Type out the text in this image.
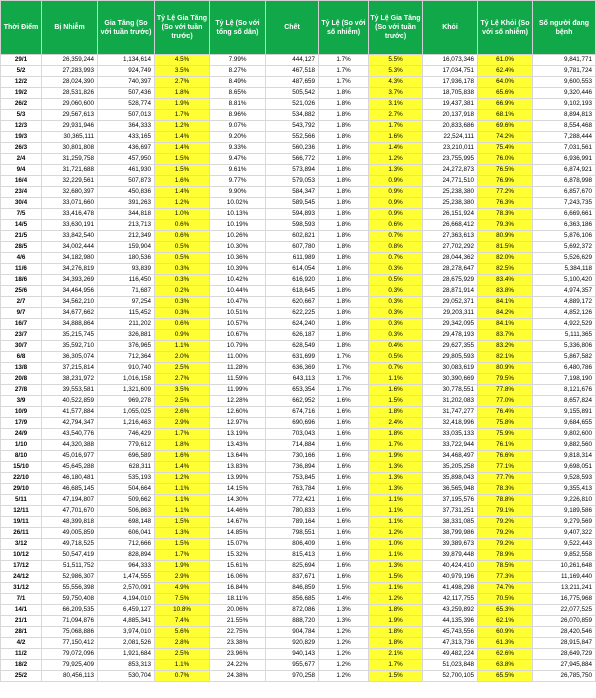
Thời Điểm	Bị Nhiễm	Gia Tăng (So với tuần trước)	Tỷ Lệ Gia Tăng (So với tuần trước)	Tỷ Lệ (So với tổng số dân)	Chết	Tỷ Lệ (So với số nhiễm)	Tỷ Lệ Gia Tăng (So với tuần trước)	Khỏi	Tỷ Lệ Khỏi (So với số nhiễm)	Số người đang bệnh
29/1	26,359,244	1,134,614	4.5%	7.99%	444,127	1.7%	5.5%	16,073,346	61.0%	9,841,771
5/2	27,283,993	924,749	3.5%	8.27%	467,518	1.7%	5.3%	17,034,751	62.4%	9,781,724
12/2	28,024,390	740,397	2.7%	8.49%	487,659	1.7%	4.3%	17,936,178	64.0%	9,600,553
19/2	28,531,826	507,436	1.8%	8.65%	505,542	1.8%	3.7%	18,705,838	65.6%	9,320,446
26/2	29,060,600	528,774	1.9%	8.81%	521,026	1.8%	3.1%	19,437,381	66.9%	9,102,193
5/3	29,567,613	507,013	1.7%	8.96%	534,882	1.8%	2.7%	20,137,918	68.1%	8,894,813
12/3	29,931,946	364,333	1.2%	9.07%	543,792	1.8%	1.7%	20,833,686	69.6%	8,554,468
19/3	30,365,111	433,165	1.4%	9.20%	552,566	1.8%	1.6%	22,524,111	74.2%	7,288,444
26/3	30,801,808	436,697	1.4%	9.33%	560,236	1.8%	1.4%	23,210,011	75.4%	7,031,561
2/4	31,259,758	457,950	1.5%	9.47%	566,772	1.8%	1.2%	23,755,995	76.0%	6,936,991
9/4	31,721,688	461,930	1.5%	9.61%	573,894	1.8%	1.3%	24,272,873	76.5%	6,874,921
16/4	32,229,561	507,873	1.6%	9.77%	579,053	1.8%	0.9%	24,771,510	76.9%	6,878,998
23/4	32,680,397	450,836	1.4%	9.90%	584,347	1.8%	0.9%	25,238,380	77.2%	6,857,670
30/4	33,071,660	391,263	1.2%	10.02%	589,545	1.8%	0.9%	25,238,380	76.3%	7,243,735
7/5	33,416,478	344,818	1.0%	10.13%	594,893	1.8%	0.9%	26,151,924	78.3%	6,669,661
14/5	33,630,191	213,713	0.6%	10.19%	598,593	1.8%	0.6%	26,668,412	79.3%	6,363,186
21/5	33,842,540	212,349	0.6%	10.26%	602,821	1.8%	0.7%	27,363,613	80.9%	5,876,106
28/5	34,002,444	159,904	0.5%	10.30%	607,780	1.8%	0.8%	27,702,292	81.5%	5,692,372
4/6	34,182,980	180,536	0.5%	10.36%	611,989	1.8%	0.7%	28,044,362	82.0%	5,526,629
11/6	34,276,819	93,839	0.3%	10.39%	614,054	1.8%	0.3%	28,278,647	82.5%	5,384,118
18/6	34,393,269	116,450	0.3%	10.42%	616,920	1.8%	0.5%	28,675,929	83.4%	5,100,420
25/6	34,464,956	71,687	0.2%	10.44%	618,645	1.8%	0.3%	28,871,914	83.8%	4,974,357
2/7	34,562,210	97,254	0.3%	10.47%	620,667	1.8%	0.3%	29,052,371	84.1%	4,889,172
9/7	34,677,662	115,452	0.3%	10.51%	622,225	1.8%	0.3%	29,203,311	84.2%	4,852,126
16/7	34,888,864	211,202	0.6%	10.57%	624,240	1.8%	0.3%	29,342,095	84.1%	4,922,529
23/7	35,215,745	326,881	0.9%	10.67%	626,187	1.8%	0.3%	29,478,193	83.7%	5,111,365
30/7	35,592,710	376,965	1.1%	10.79%	628,549	1.8%	0.4%	29,627,355	83.2%	5,336,806
6/8	36,305,074	712,364	2.0%	11.00%	631,699	1.7%	0.5%	29,805,593	82.1%	5,867,582
13/8	37,215,814	910,740	2.5%	11.28%	636,369	1.7%	0.7%	30,083,619	80.9%	6,480,786
20/8	38,231,972	1,016,158	2.7%	11.59%	643,113	1.7%	1.1%	30,390,669	79.5%	7,198,190
27/8	39,553,581	1,321,609	3.5%	11.99%	653,354	1.7%	1.6%	30,778,551	77.8%	8,121,676
3/9	40,522,859	969,278	2.5%	12.28%	662,952	1.6%	1.5%	31,202,083	77.0%	8,657,824
10/9	41,577,884	1,055,025	2.6%	12.60%	674,716	1.6%	1.8%	31,747,277	76.4%	9,155,891
17/9	42,794,347	1,216,463	2.9%	12.97%	690,696	1.6%	2.4%	32,418,996	75.8%	9,684,655
24/9	43,540,776	746,429	1.7%	13.19%	703,043	1.6%	1.8%	33,035,133	75.9%	9,802,600
1/10	44,320,388	779,612	1.8%	13.43%	714,884	1.6%	1.7%	33,722,944	76.1%	9,882,560
8/10	45,016,977	696,589	1.6%	13.64%	730,166	1.6%	1.9%	34,468,497	76.6%	9,818,314
15/10	45,645,288	628,311	1.4%	13.83%	736,894	1.6%	1.3%	35,205,258	77.1%	9,698,051
22/10	46,180,481	535,193	1.2%	13.99%	753,845	1.6%	1.3%	35,898,043	77.7%	9,528,593
29/10	46,685,145	504,664	1.1%	14.15%	763,784	1.6%	1.3%	36,565,948	78.3%	9,355,413
5/11	47,194,807	509,662	1.1%	14.30%	772,421	1.6%	1.1%	37,195,576	78.8%	9,226,810
12/11	47,701,670	506,863	1.1%	14.46%	780,833	1.6%	1.1%	37,731,251	79.1%	9,189,586
19/11	48,399,818	698,148	1.5%	14.67%	789,164	1.6%	1.1%	38,331,085	79.2%	9,279,569
26/11	49,005,859	606,041	1.3%	14.85%	798,551	1.6%	1.2%	38,799,986	79.2%	9,407,322
3/12	49,718,525	712,666	1.5%	15.07%	806,409	1.6%	1.0%	39,389,673	79.2%	9,522,443
10/12	50,547,419	828,894	1.7%	15.32%	815,413	1.6%	1.1%	39,879,448	78.9%	9,852,558
17/12	51,511,752	964,333	1.9%	15.61%	825,694	1.6%	1.3%	40,424,410	78.5%	10,261,648
24/12	52,986,307	1,474,555	2.9%	16.06%	837,671	1.6%	1.5%	40,979,196	77.3%	11,169,440
31/12	55,556,398	2,570,091	4.9%	16.84%	846,859	1.5%	1.1%	41,498,298	74.7%	13,211,241
7/1	59,750,408	4,194,010	7.5%	18.11%	856,685	1.4%	1.2%	42,117,755	70.5%	16,775,968
14/1	66,209,535	6,459,127	10.8%	20.06%	872,086	1.3%	1.8%	43,259,892	65.3%	22,077,525
21/1	71,094,876	4,885,341	7.4%	21.55%	888,720	1.3%	1.9%	44,135,396	62.1%	26,070,859
28/1	75,068,886	3,974,010	5.6%	22.75%	904,784	1.2%	1.8%	45,743,556	60.9%	28,420,546
4/2	77,150,412	2,081,526	2.8%	23.38%	920,829	1.2%	1.8%	47,313,736	61.3%	28,915,847
11/2	79,072,096	1,921,684	2.5%	23.96%	940,143	1.2%	2.1%	49,482,224	62.6%	28,649,729
18/2	79,925,409	853,313	1.1%	24.22%	955,677	1.2%	1.7%	51,023,848	63.8%	27,945,884
25/2	80,456,113	530,704	0.7%	24.38%	970,258	1.2%	1.5%	52,700,105	65.5%	26,785,750
